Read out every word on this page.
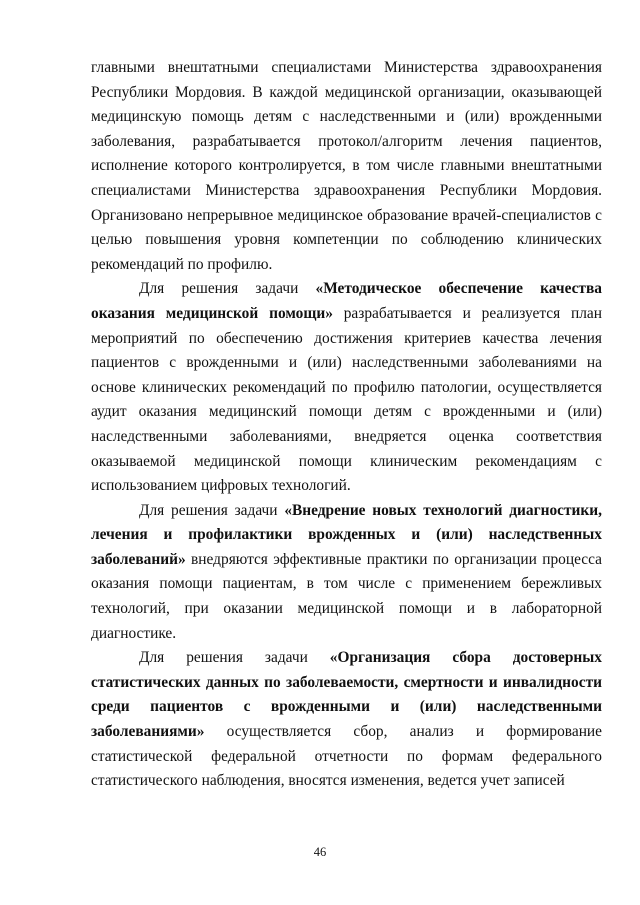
главными внештатными специалистами Министерства здравоохранения Республики Мордовия. В каждой медицинской организации, оказывающей медицинскую помощь детям с наследственными и (или) врожденными заболевания, разрабатывается протокол/алгоритм лечения пациентов, исполнение которого контролируется, в том числе главными внештатными специалистами Министерства здравоохранения Республики Мордовия. Организовано непрерывное медицинское образование врачей-специалистов с целью повышения уровня компетенции по соблюдению клинических рекомендаций по профилю.

Для решения задачи «Методическое обеспечение качества оказания медицинской помощи» разрабатывается и реализуется план мероприятий по обеспечению достижения критериев качества лечения пациентов с врожденными и (или) наследственными заболеваниями на основе клинических рекомендаций по профилю патологии, осуществляется аудит оказания медицинский помощи детям с врожденными и (или) наследственными заболеваниями, внедряется оценка соответствия оказываемой медицинской помощи клиническим рекомендациям с использованием цифровых технологий.

Для решения задачи «Внедрение новых технологий диагностики, лечения и профилактики врожденных и (или) наследственных заболеваний» внедряются эффективные практики по организации процесса оказания помощи пациентам, в том числе с применением бережливых технологий, при оказании медицинской помощи и в лабораторной диагностике.

Для решения задачи «Организация сбора достоверных статистических данных по заболеваемости, смертности и инвалидности среди пациентов с врожденными и (или) наследственными заболеваниями» осуществляется сбор, анализ и формирование статистической федеральной отчетности по формам федерального статистического наблюдения, вносятся изменения, ведется учет записей

46
